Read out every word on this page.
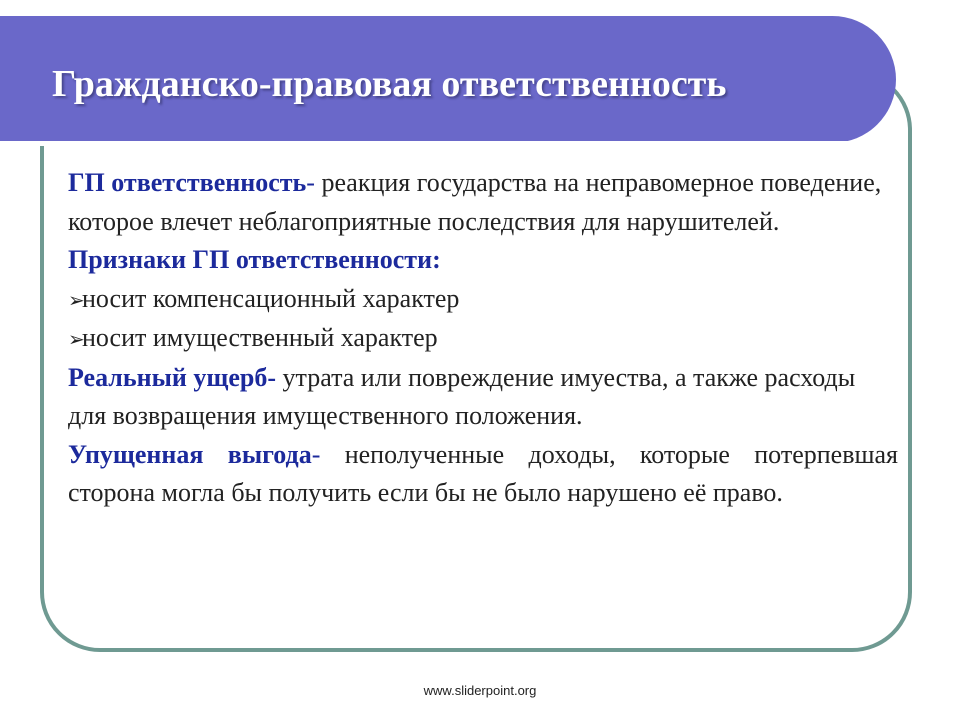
Гражданско-правовая ответственность

ГП ответственность- реакция государства на неправомерное поведение, которое влечет неблагоприятные последствия для нарушителей.

Признаки ГП ответственности:

➢
носит компенсационный характер
➢
носит имущественный характер

Реальный ущерб- утрата или повреждение имуества, а также расходы для возвращения имущественного положения.

Упущенная выгода- неполученные доходы, которые потерпевшая сторона могла бы получить если бы не было нарушено её право.

www.sliderpoint.org
